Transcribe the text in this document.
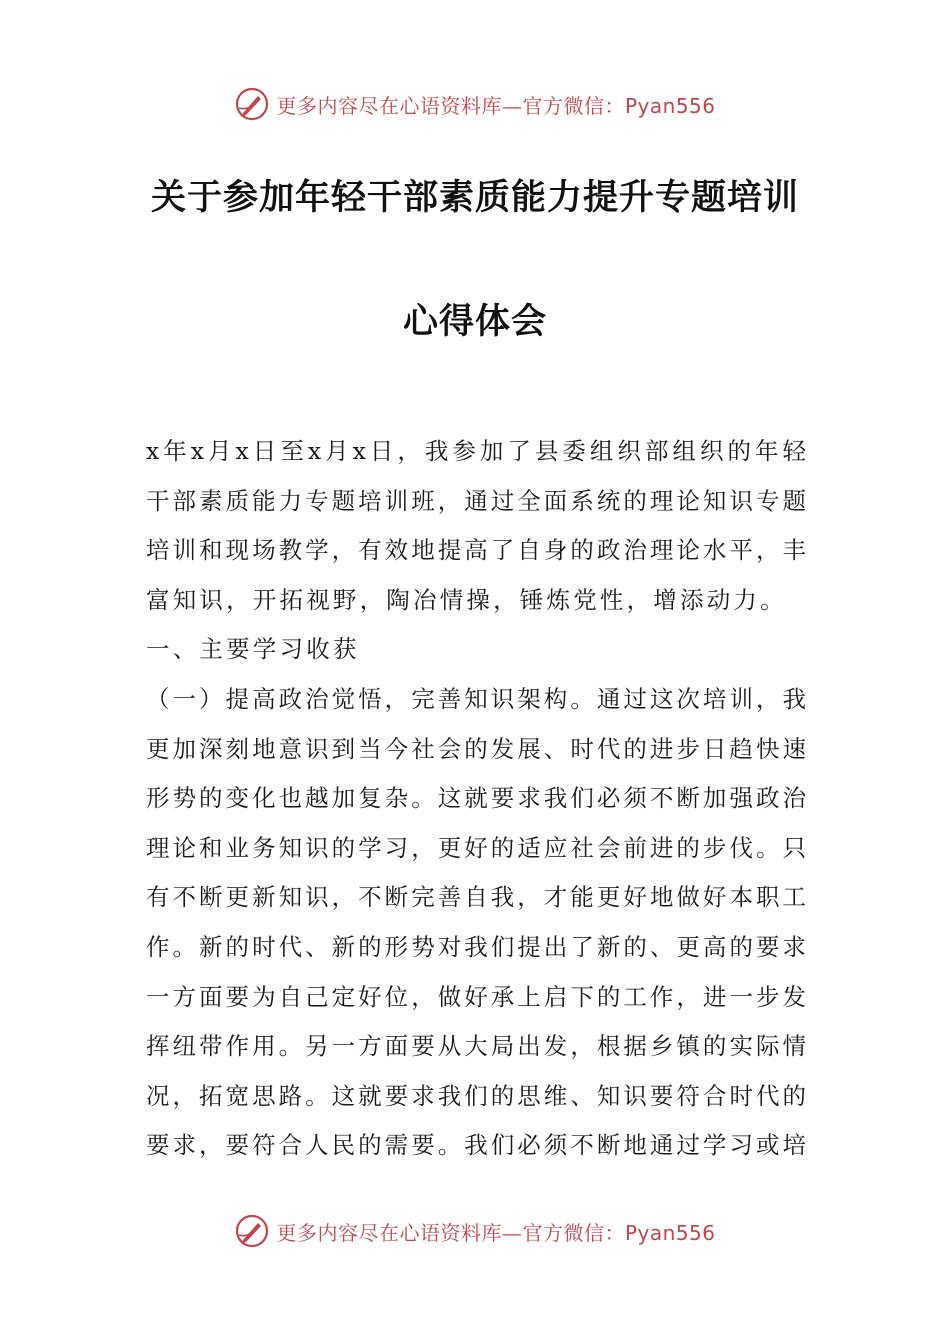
更多内容尽在心语资料库—官方微信：Pyan556
关于参加年轻干部素质能力提升专题培训
心得体会
x年x月x日至x月x日，我参加了县委组织部组织的年轻
干部素质能力专题培训班，通过全面系统的理论知识专题
培训和现场教学，有效地提高了自身的政治理论水平，丰
富知识，开拓视野，陶冶情操，锤炼党性，增添动力。
一、主要学习收获
（一）提高政治觉悟，完善知识架构。通过这次培训，我
更加深刻地意识到当今社会的发展、时代的进步日趋快速
形势的变化也越加复杂。这就要求我们必须不断加强政治
理论和业务知识的学习，更好的适应社会前进的步伐。只
有不断更新知识，不断完善自我，才能更好地做好本职工
作。新的时代、新的形势对我们提出了新的、更高的要求
一方面要为自己定好位，做好承上启下的工作，进一步发
挥纽带作用。另一方面要从大局出发，根据乡镇的实际情
况，拓宽思路。这就要求我们的思维、知识要符合时代的
要求，要符合人民的需要。我们必须不断地通过学习或培
更多内容尽在心语资料库—官方微信：Pyan556
